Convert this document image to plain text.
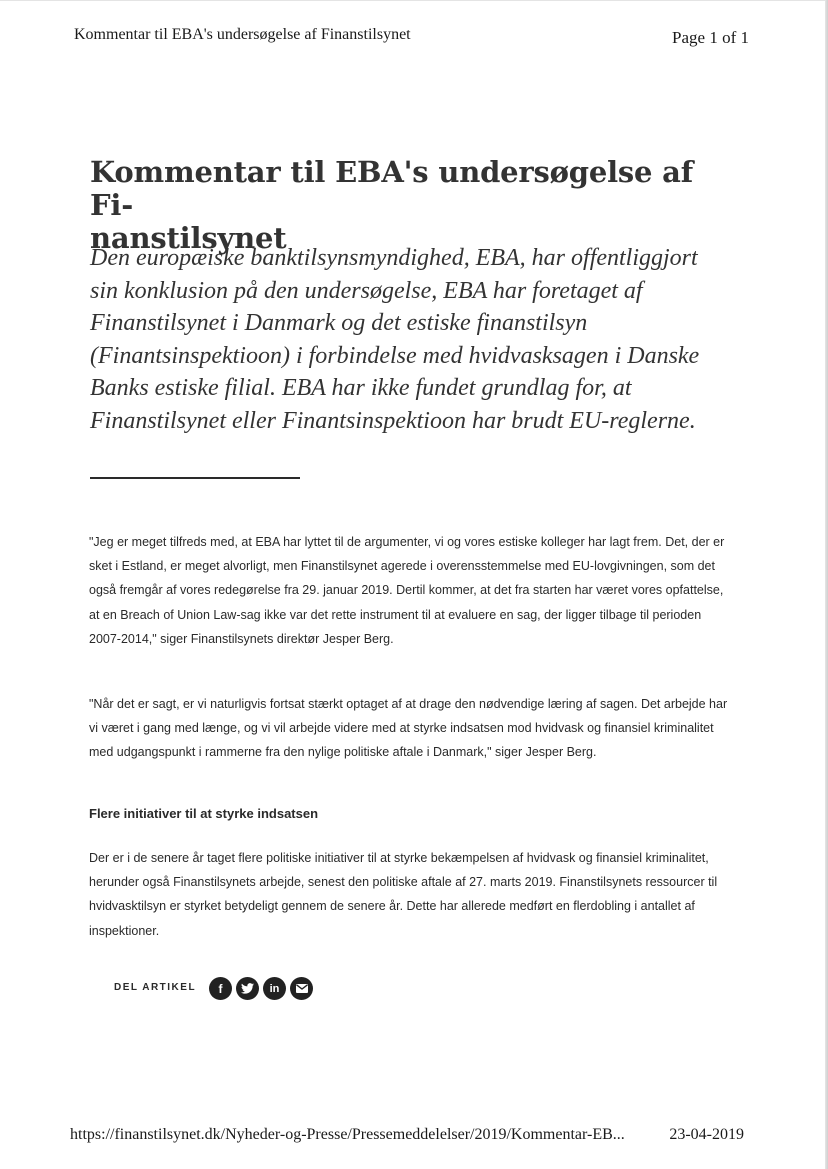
Kommentar til EBA's undersøgelse af Finanstilsynet	Page 1 of 1
Kommentar til EBA's undersøgelse af Fi-
nanstilsynet

Den europæiske banktilsynsmyndighed, EBA, har offentliggjort sin konklusion på den undersøgelse, EBA har foretaget af Finanstilsynet i Danmark og det estiske finanstilsyn (Finantsinspektioon) i forbindelse med hvidvasksagen i Danske Banks estiske filial. EBA har ikke fundet grundlag for, at Finanstilsynet eller Finantsinspektioon har brudt EU-reglerne.

"Jeg er meget tilfreds med, at EBA har lyttet til de argumenter, vi og vores estiske kolleger har lagt frem. Det, der er sket i Estland, er meget alvorligt, men Finanstilsynet agerede i overensstemmelse med EU-lovgivningen, som det også fremgår af vores redegørelse fra 29. januar 2019. Dertil kommer, at det fra starten har været vores opfattelse, at en Breach of Union Law-sag ikke var det rette instrument til at evaluere en sag, der ligger tilbage til perioden 2007-2014," siger Finanstilsynets direktør Jesper Berg.

"Når det er sagt, er vi naturligvis fortsat stærkt optaget af at drage den nødvendige læring af sagen. Det arbejde har vi været i gang med længe, og vi vil arbejde videre med at styrke indsatsen mod hvidvask og finansiel kriminalitet med udgangspunkt i rammerne fra den nylige politiske aftale i Danmark," siger Jesper Berg.

Flere initiativer til at styrke indsatsen

Der er i de senere år taget flere politiske initiativer til at styrke bekæmpelsen af hvidvask og finansiel kriminalitet, herunder også Finanstilsynets arbejde, senest den politiske aftale af 27. marts 2019. Finanstilsynets ressourcer til hvidvasktilsyn er styrket betydeligt gennem de senere år. Dette har allerede medført en flerdobling i antallet af inspektioner.

DEL ARTIKEL f	in
https://finanstilsynet.dk/Nyheder-og-Presse/Pressemeddelelser/2019/Kommentar-EB...	23-04-2019
